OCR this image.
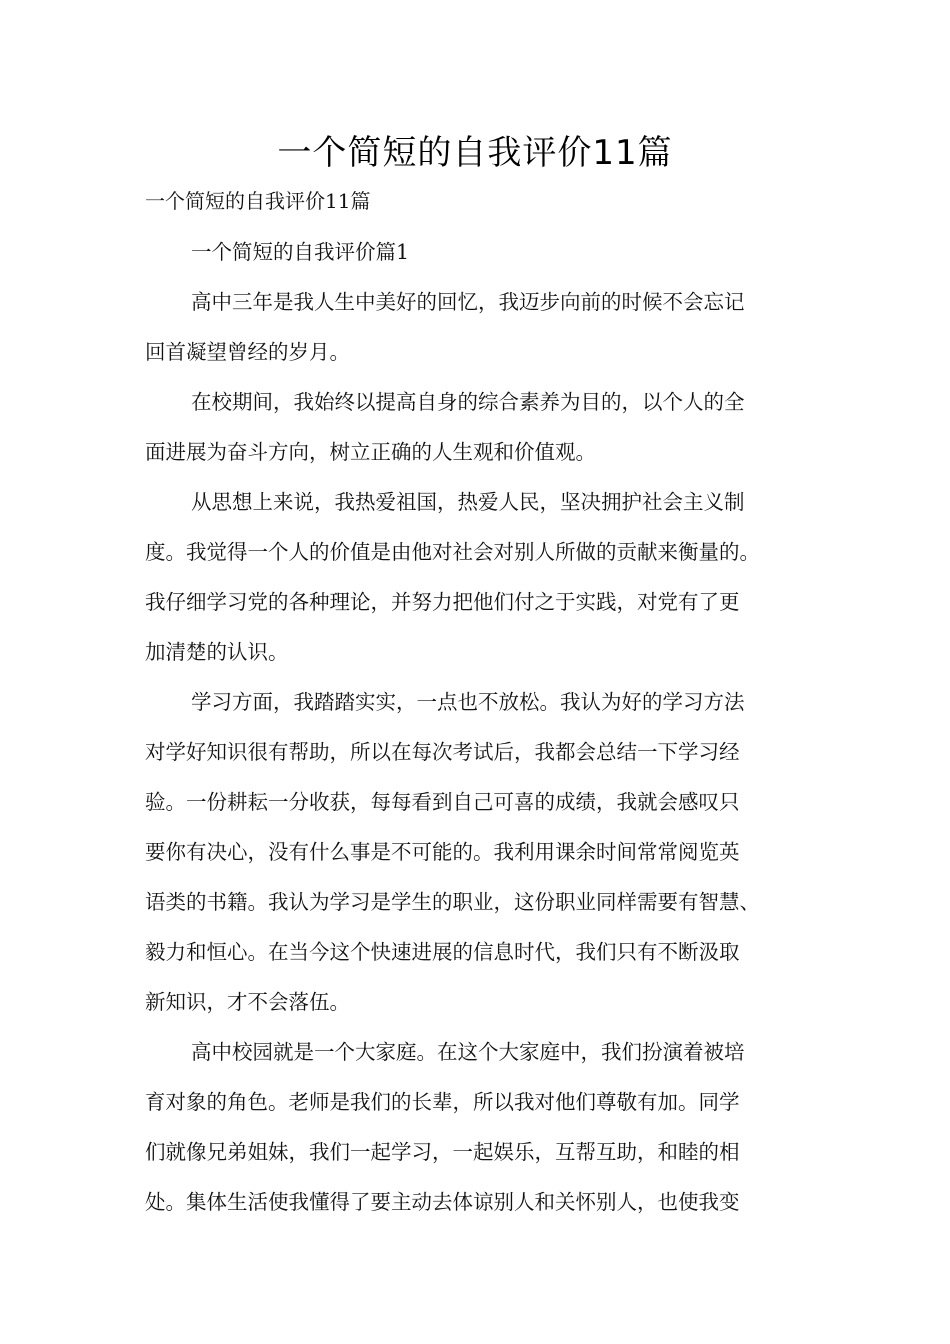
一个简短的自我评价11篇
一个简短的自我评价11篇
一个简短的自我评价篇1
高中三年是我人生中美好的回忆，我迈步向前的时候不会忘记
回首凝望曾经的岁月。
在校期间，我始终以提高自身的综合素养为目的，以个人的全
面进展为奋斗方向，树立正确的人生观和价值观。
从思想上来说，我热爱祖国，热爱人民，坚决拥护社会主义制
度。我觉得一个人的价值是由他对社会对别人所做的贡献来衡量的。
我仔细学习党的各种理论，并努力把他们付之于实践，对党有了更
加清楚的认识。
学习方面，我踏踏实实，一点也不放松。我认为好的学习方法
对学好知识很有帮助，所以在每次考试后，我都会总结一下学习经
验。一份耕耘一分收获，每每看到自己可喜的成绩，我就会感叹只
要你有决心，没有什么事是不可能的。我利用课余时间常常阅览英
语类的书籍。我认为学习是学生的职业，这份职业同样需要有智慧、
毅力和恒心。在当今这个快速进展的信息时代，我们只有不断汲取
新知识，才不会落伍。
高中校园就是一个大家庭。在这个大家庭中，我们扮演着被培
育对象的角色。老师是我们的长辈，所以我对他们尊敬有加。同学
们就像兄弟姐妹，我们一起学习，一起娱乐，互帮互助，和睦的相
处。集体生活使我懂得了要主动去体谅别人和关怀别人，也使我变
